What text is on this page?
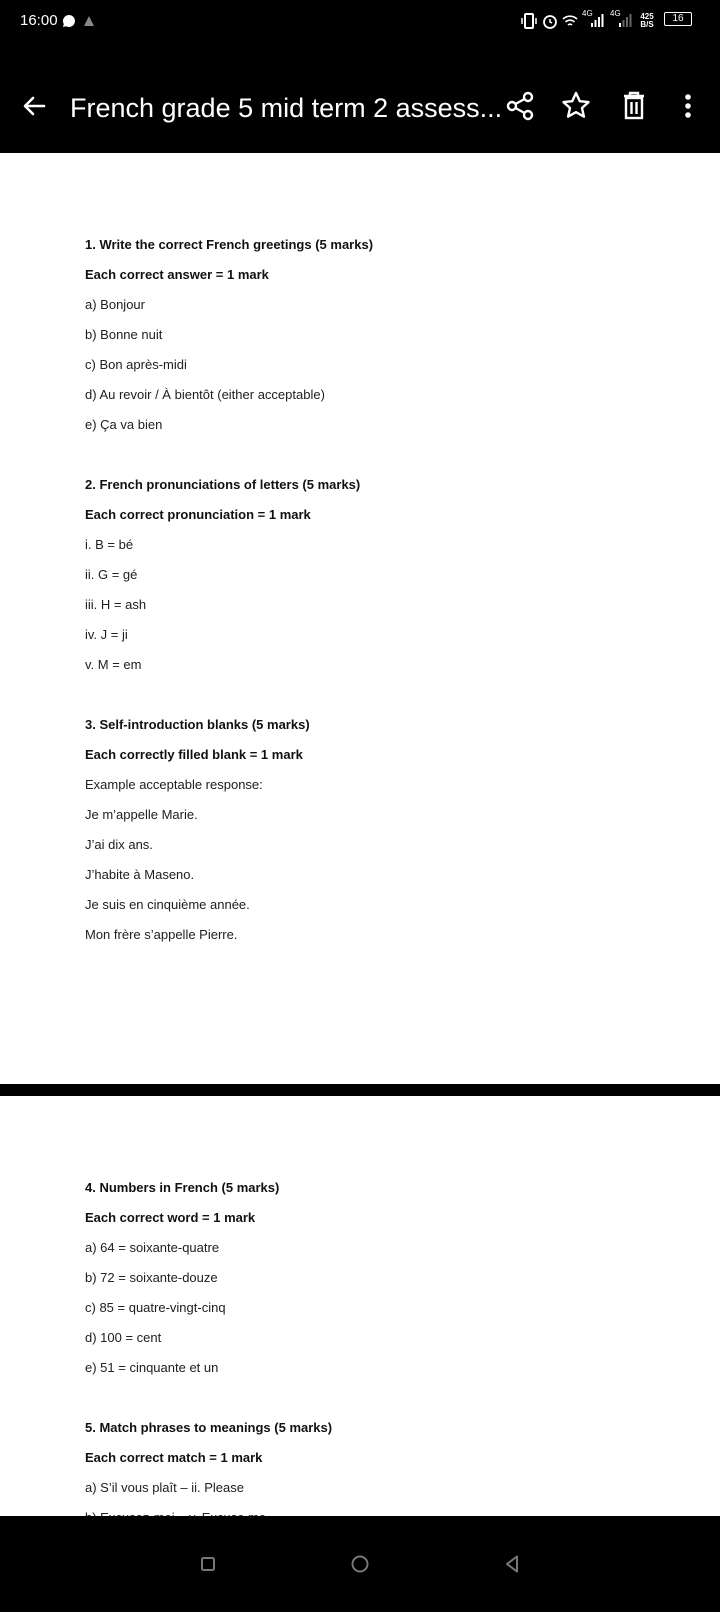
16:00	4G 4G	425 B/S
16
French grade 5 mid term 2 assess...
1. Write the correct French greetings (5 marks)
Each correct answer = 1 mark
a) Bonjour
b) Bonne nuit
c) Bon après-midi
d) Au revoir / À bientôt (either acceptable)
e) Ça va bien
2. French pronunciations of letters (5 marks)
Each correct pronunciation = 1 mark
i. B = bé
ii. G = gé
iii. H = ash
iv. J = ji
v. M = em
3. Self-introduction blanks (5 marks)
Each correctly filled blank = 1 mark
Example acceptable response:
Je m’appelle Marie.
J’ai dix ans.
J’habite à Maseno.
Je suis en cinquième année.
Mon frère s’appelle Pierre.
4. Numbers in French (5 marks)
Each correct word = 1 mark
a) 64 = soixante-quatre
b) 72 = soixante-douze
c) 85 = quatre-vingt-cinq
d) 100 = cent
e) 51 = cinquante et un
5. Match phrases to meanings (5 marks)
Each correct match = 1 mark
a) S’il vous plaît – ii. Please
